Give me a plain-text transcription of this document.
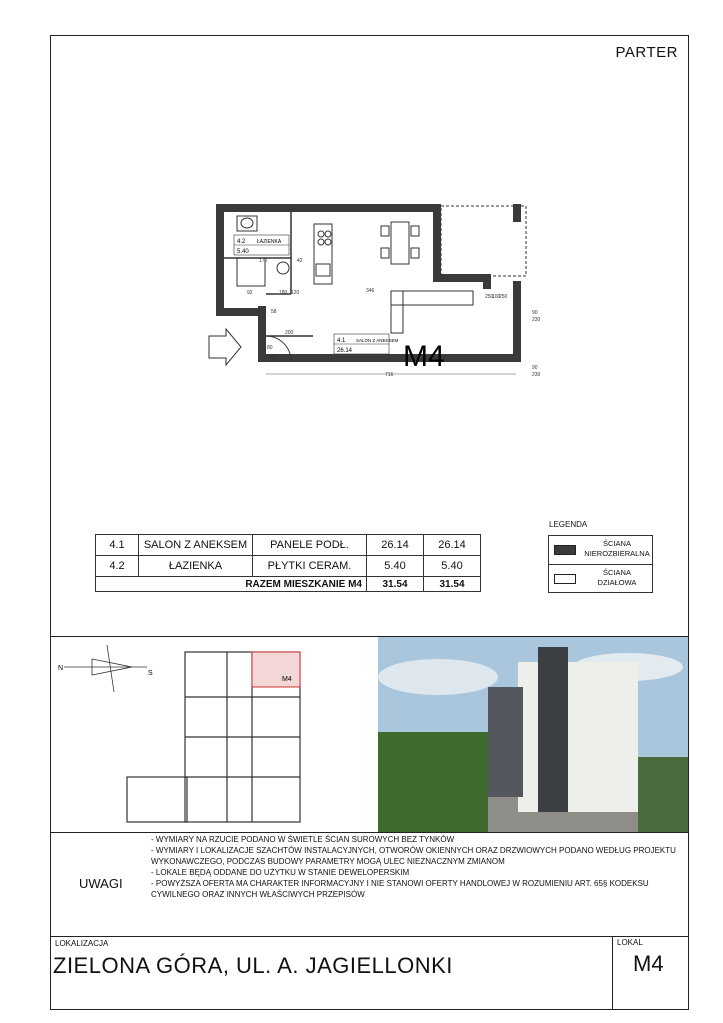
PARTER
4.2 ŁAZIENKA
5.40
4.1 SALON Z ANEKSEM
26.14 M4
170	42
92	180 120	346
58
200
80
200
716
250
100
250
90
230
90
230
4.1	SALON Z ANEKSEM	PANELE PODŁ.	26.14	26.14
4.2	ŁAZIENKA	PŁYTKI CERAM.	5.40	5.40
RAZEM MIESZKANIE M4			31.54	31.54
LEGENDA
ŚCIANA NIEROZBIERALNA
ŚCIANA DZIAŁOWA
N
S
M4
UWAGI
- WYMIARY NA RZUCIE PODANO W ŚWIETLE ŚCIAN SUROWYCH BEZ TYNKÓW
- WYMIARY I LOKALIZACJE SZACHTÓW INSTALACYJNYCH, OTWORÓW OKIENNYCH ORAZ DRZWIOWYCH PODANO WEDŁUG PROJEKTU WYKONAWCZEGO, PODCZAS BUDOWY PARAMETRY MOGĄ ULEC NIEZNACZNYM ZMIANOM
- LOKALE BĘDĄ ODDANE DO UŻYTKU W STANIE DEWELOPERSKIM
- POWYŻSZA OFERTA MA CHARAKTER INFORMACYJNY I NIE STANOWI OFERTY HANDLOWEJ W ROZUMIENIU ART. 65§ KODEKSU CYWILNEGO ORAZ INNYCH WŁAŚCIWYCH PRZEPISÓW
LOKALIZACJA
ZIELONA GÓRA, UL. A. JAGIELLONKI
LOKAL
M4
